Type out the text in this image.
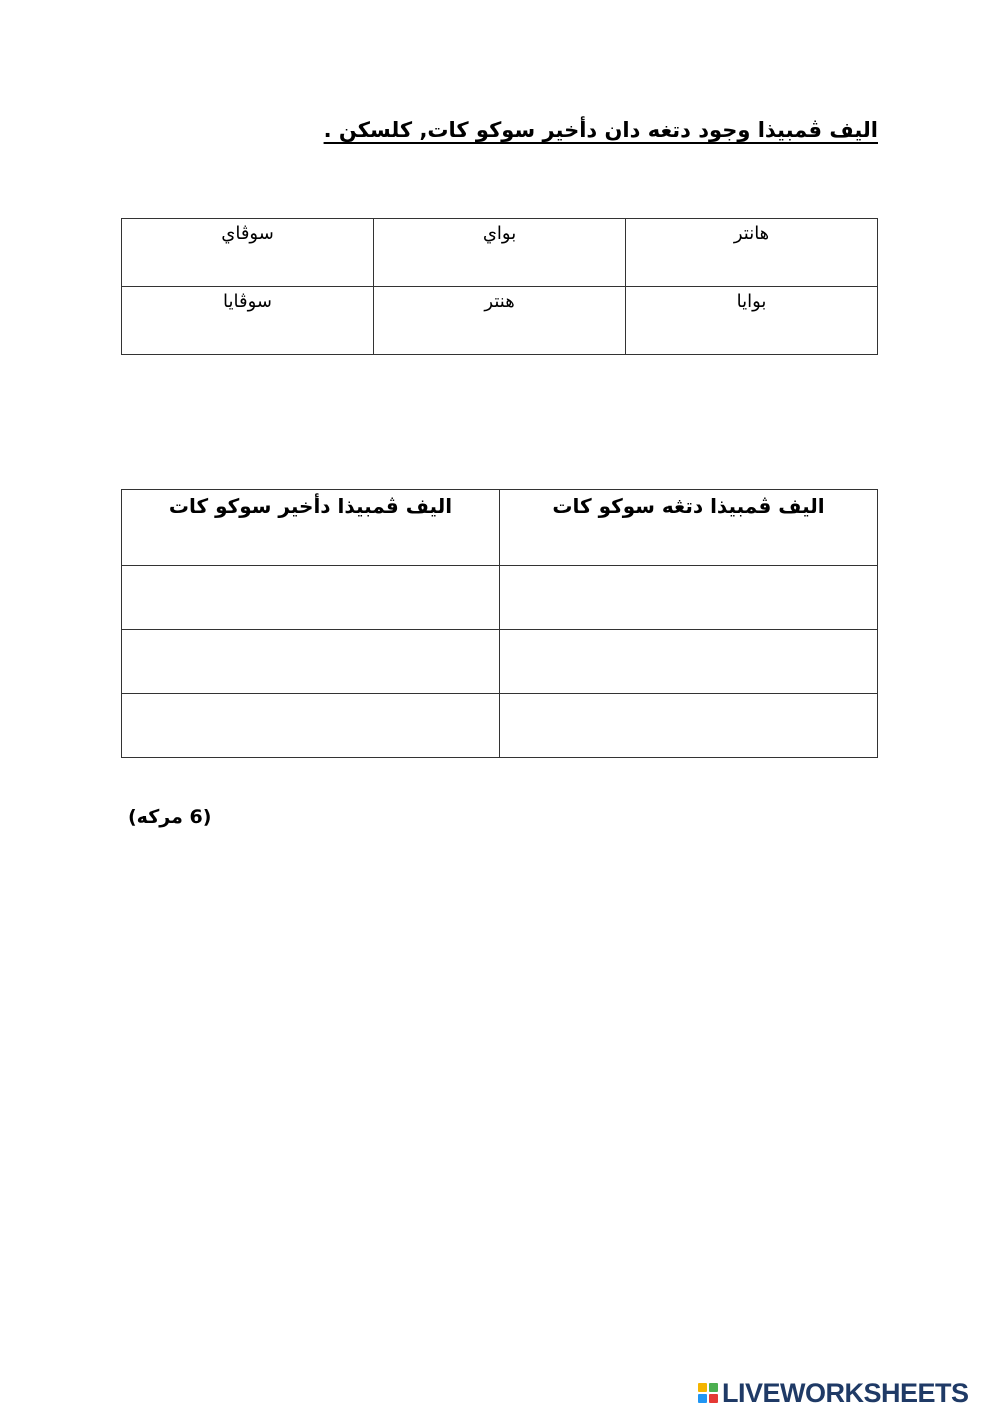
اليف ڤمبيذا وجود دتغه دان دأخير سوكو كات, كلسكن .
هانتر	بواي	سوڤاي
بوايا	هنتر	سوڤايا
اليف ڤمبيذا دتڠه سوكو كات	اليف ڤمبيذا دأخير سوكو كات

(6 مركه)
LIVEWORKSHEETS
